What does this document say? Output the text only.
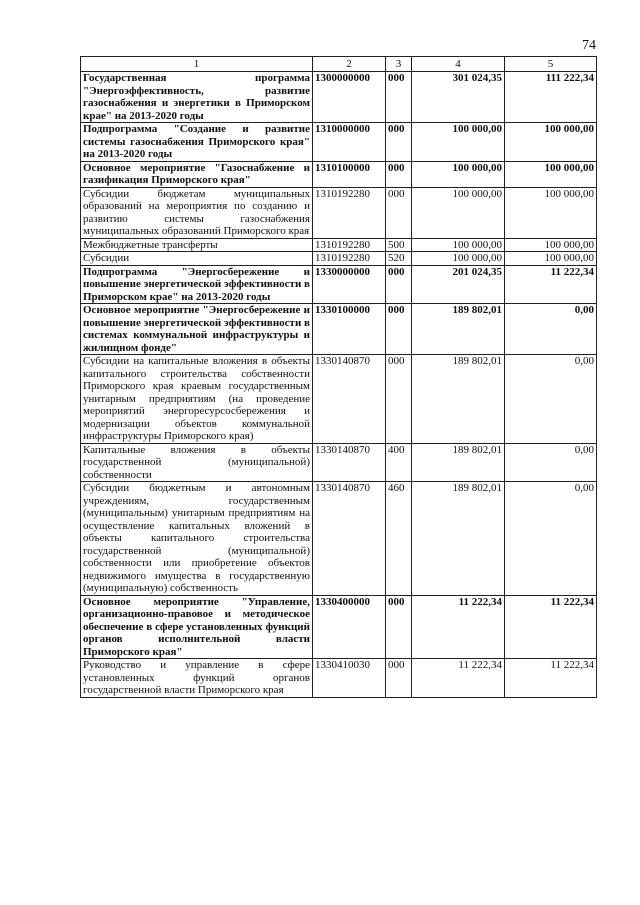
74
1	2	3	4	5
Государственная программа "Энергоэффективность, развитие газоснабжения и энергетики в Приморском крае" на 2013-2020 годы	1300000000	000	301 024,35	111 222,34
Подпрограмма "Создание и развитие системы газоснабжения Приморского края" на 2013-2020 годы	1310000000	000	100 000,00	100 000,00
Основное мероприятие "Газоснабжение и газификация Приморского края"	1310100000	000	100 000,00	100 000,00
Субсидии бюджетам муниципальных образований на мероприятия по созданию и развитию системы газоснабжения муниципальных образований Приморского края	1310192280	000	100 000,00	100 000,00
Межбюджетные трансферты	1310192280	500	100 000,00	100 000,00
Субсидии	1310192280	520	100 000,00	100 000,00
Подпрограмма "Энергосбережение и повышение энергетической эффективности в Приморском крае" на 2013-2020 годы	1330000000	000	201 024,35	11 222,34
Основное мероприятие "Энергосбережение и повышение энергетической эффективности в системах коммунальной инфраструктуры и жилищном фонде"	1330100000	000	189 802,01	0,00
Субсидии на капитальные вложения в объекты капитального строительства собственности Приморского края краевым государственным унитарным предприятиям (на проведение мероприятий энергоресурсосбережения и модернизации объектов коммунальной инфраструктуры Приморского края)	1330140870	000	189 802,01	0,00
Капитальные вложения в объекты государственной (муниципальной) собственности	1330140870	400	189 802,01	0,00
Субсидии бюджетным и автономным учреждениям, государственным (муниципальным) унитарным предприятиям на осуществление капитальных вложений в объекты капитального строительства государственной (муниципальной) собственности или приобретение объектов недвижимого имущества в государственную (муниципальную) собственность	1330140870	460	189 802,01	0,00
Основное мероприятие "Управление, организационно-правовое и методическое обеспечение в сфере установленных функций органов исполнительной власти Приморского края"	1330400000	000	11 222,34	11 222,34
Руководство и управление в сфере установленных функций органов государственной власти Приморского края	1330410030	000	11 222,34	11 222,34
